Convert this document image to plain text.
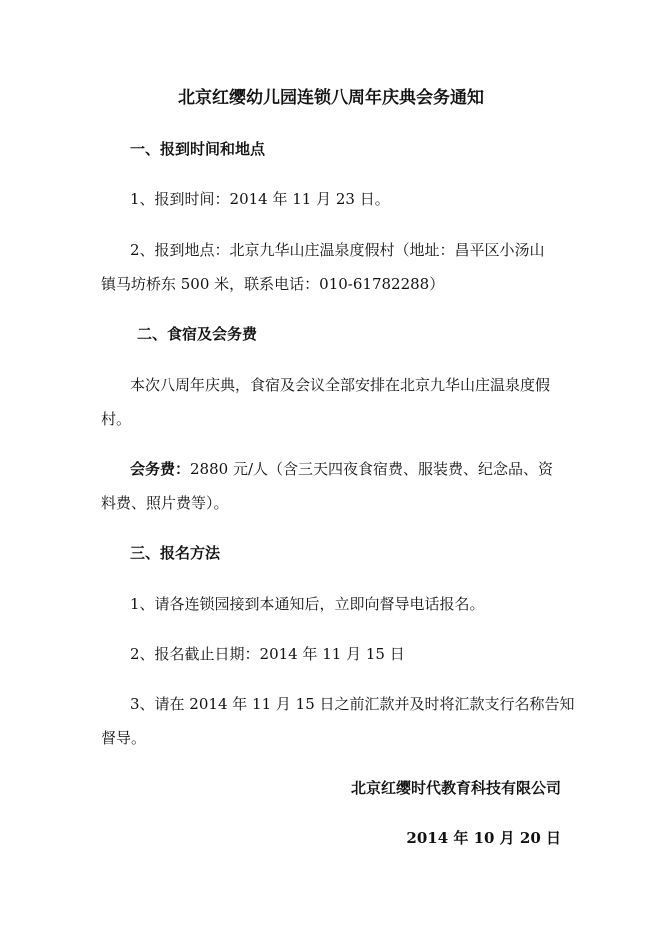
北京红缨幼儿园连锁八周年庆典会务通知
一、报到时间和地点
1、报到时间：2014 年 11 月 23 日。
2、报到地点：北京九华山庄温泉度假村（地址：昌平区小汤山
镇马坊桥东 500 米，联系电话：010-61782288）
二、食宿及会务费
本次八周年庆典，食宿及会议全部安排在北京九华山庄温泉度假
村。
会务费：2880 元/人（含三天四夜食宿费、服装费、纪念品、资
料费、照片费等）。
三、报名方法
1、请各连锁园接到本通知后，立即向督导电话报名。
2、报名截止日期：2014 年 11 月 15 日
3、请在 2014 年 11 月 15 日之前汇款并及时将汇款支行名称告知
督导。
北京红缨时代教育科技有限公司
2014 年 10 月 20 日
